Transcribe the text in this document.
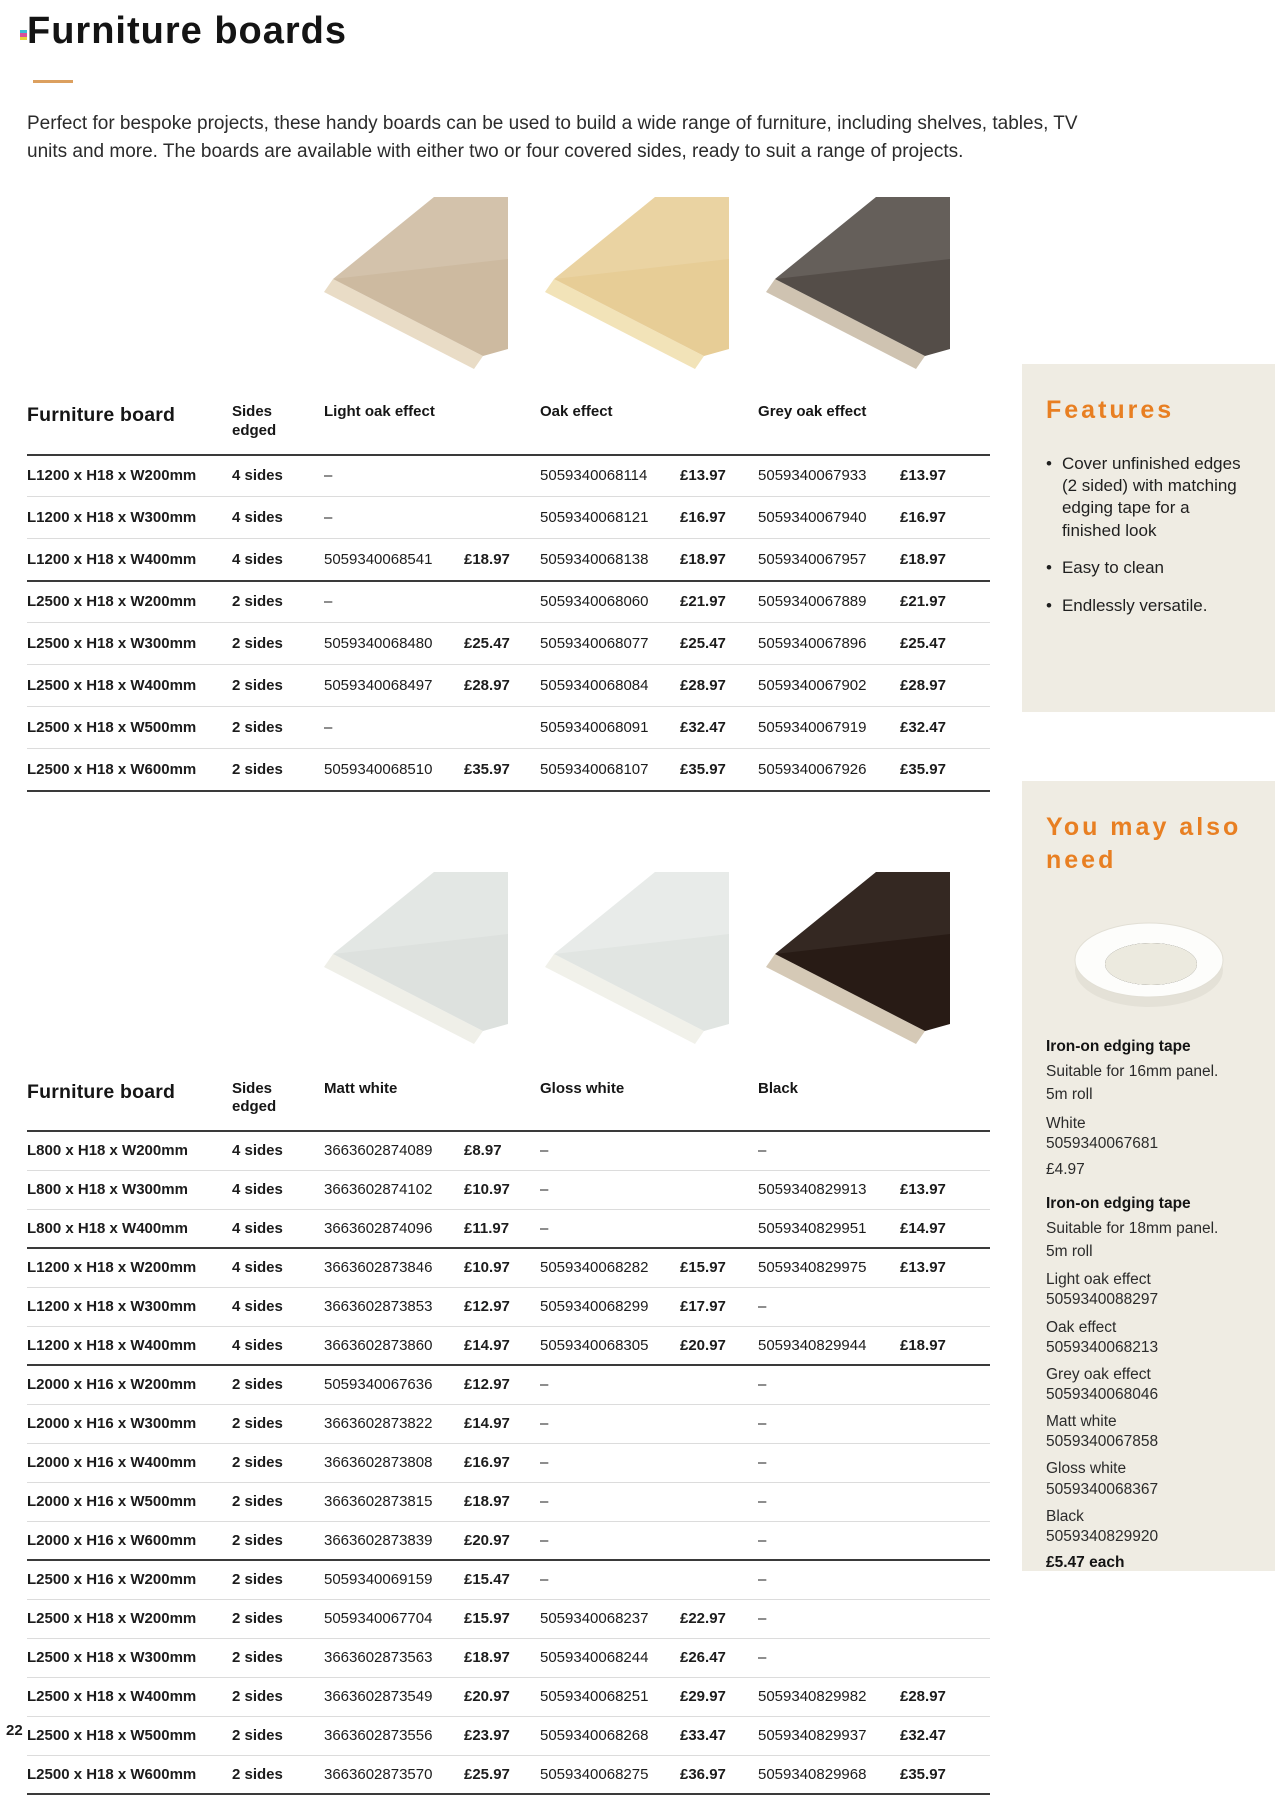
Furniture boards

Perfect for bespoke projects, these handy boards can be used to build a wide range of furniture, including shelves, tables, TV units and more. The boards are available with either two or four covered sides, ready to suit a range of projects.

Furniture board	Sides edged	Light oak effect		Oak effect		Grey oak effect	
L1200 x H18 x W200mm	4 sides	–		5059340068114	£13.97	5059340067933	£13.97
L1200 x H18 x W300mm	4 sides	–		5059340068121	£16.97	5059340067940	£16.97
L1200 x H18 x W400mm	4 sides	5059340068541	£18.97	5059340068138	£18.97	5059340067957	£18.97
L2500 x H18 x W200mm	2 sides	–		5059340068060	£21.97	5059340067889	£21.97
L2500 x H18 x W300mm	2 sides	5059340068480	£25.47	5059340068077	£25.47	5059340067896	£25.47
L2500 x H18 x W400mm	2 sides	5059340068497	£28.97	5059340068084	£28.97	5059340067902	£28.97
L2500 x H18 x W500mm	2 sides	–		5059340068091	£32.47	5059340067919	£32.47
L2500 x H18 x W600mm	2 sides	5059340068510	£35.97	5059340068107	£35.97	5059340067926	£35.97
Furniture board	Sides edged	Matt white		Gloss white		Black	
L800 x H18 x W200mm	4 sides	3663602874089	£8.97	–		–	
L800 x H18 x W300mm	4 sides	3663602874102	£10.97	–		5059340829913	£13.97
L800 x H18 x W400mm	4 sides	3663602874096	£11.97	–		5059340829951	£14.97
L1200 x H18 x W200mm	4 sides	3663602873846	£10.97	5059340068282	£15.97	5059340829975	£13.97
L1200 x H18 x W300mm	4 sides	3663602873853	£12.97	5059340068299	£17.97	–	
L1200 x H18 x W400mm	4 sides	3663602873860	£14.97	5059340068305	£20.97	5059340829944	£18.97
L2000 x H16 x W200mm	2 sides	5059340067636	£12.97	–		–	
L2000 x H16 x W300mm	2 sides	3663602873822	£14.97	–		–	
L2000 x H16 x W400mm	2 sides	3663602873808	£16.97	–		–	
L2000 x H16 x W500mm	2 sides	3663602873815	£18.97	–		–	
L2000 x H16 x W600mm	2 sides	3663602873839	£20.97	–		–	
L2500 x H16 x W200mm	2 sides	5059340069159	£15.47	–		–	
L2500 x H18 x W200mm	2 sides	5059340067704	£15.97	5059340068237	£22.97	–	
L2500 x H18 x W300mm	2 sides	3663602873563	£18.97	5059340068244	£26.47	–	
L2500 x H18 x W400mm	2 sides	3663602873549	£20.97	5059340068251	£29.97	5059340829982	£28.97
L2500 x H18 x W500mm	2 sides	3663602873556	£23.97	5059340068268	£33.47	5059340829937	£32.47
L2500 x H18 x W600mm	2 sides	3663602873570	£25.97	5059340068275	£36.97	5059340829968	£35.97
Features
• Cover unfinished edges (2 sided) with matching edging tape for a finished look
• Easy to clean
• Endlessly versatile.
You may also need
Iron-on edging tape
Suitable for 16mm panel.
5m roll
White
5059340067681
£4.97
Iron-on edging tape
Suitable for 18mm panel.
5m roll
Light oak effect
5059340088297
Oak effect
5059340068213
Grey oak effect
5059340068046
Matt white
5059340067858
Gloss white
5059340068367
Black
5059340829920
£5.47 each
22
